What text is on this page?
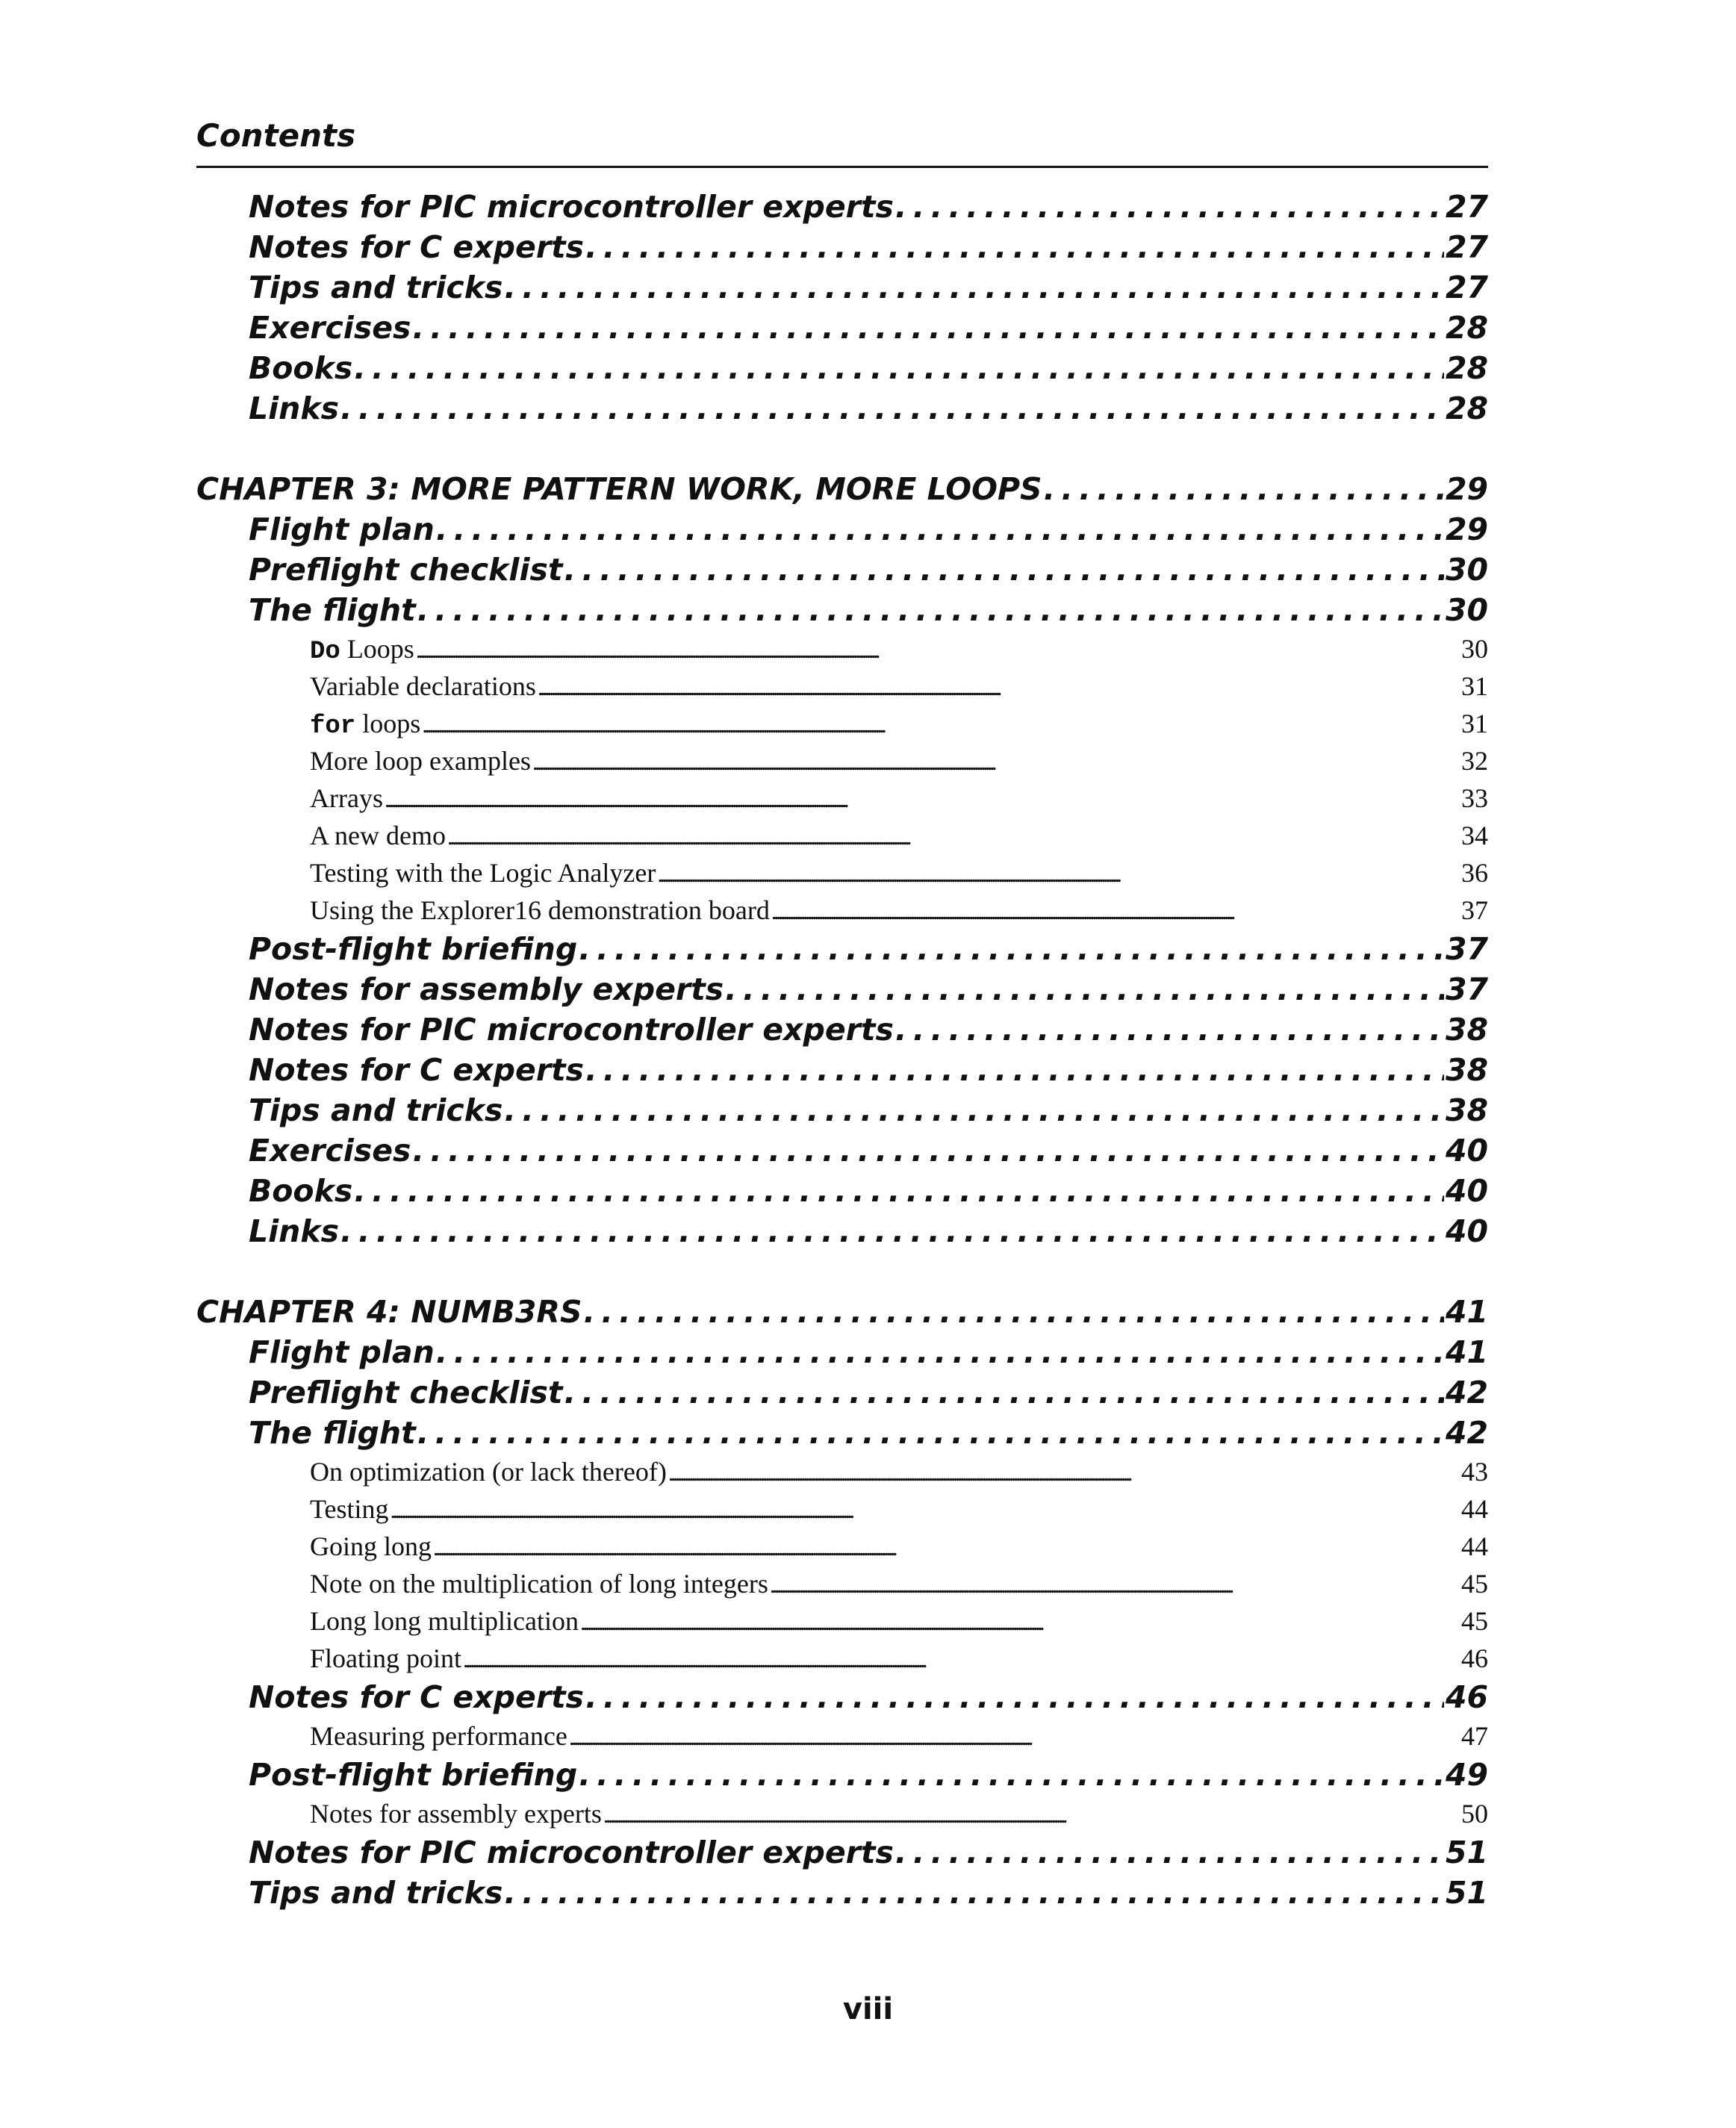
Contents
Notes for PIC microcontroller experts . . .	27
Notes for C experts . . .	27
Tips and tricks . . .	27
Exercises . . .	28
Books . . .	28
Links . . .	28
CHAPTER 3: MORE PATTERN WORK, MORE LOOPS . . .	29
Flight plan . . .	29
Preflight checklist . . .	30
The flight . . .	30
Do Loops . . .	30
Variable declarations . . .	31
for loops . . .	31
More loop examples . . .	32
Arrays . . .	33
A new demo . . .	34
Testing with the Logic Analyzer . . .	36
Using the Explorer16 demonstration board . . .	37
Post-flight briefing . . .	37
Notes for assembly experts . . .	37
Notes for PIC microcontroller experts . . .	38
Notes for C experts . . .	38
Tips and tricks . . .	38
Exercises . . .	40
Books . . .	40
Links . . .	40
CHAPTER 4: NUMB3RS . . .	41
Flight plan . . .	41
Preflight checklist . . .	42
The flight . . .	42
On optimization (or lack thereof) . . .	43
Testing . . .	44
Going long . . .	44
Note on the multiplication of long integers . . .	45
Long long multiplication . . .	45
Floating point . . .	46
Notes for C experts . . .	46
Measuring performance . . .	47
Post-flight briefing . . .	49
Notes for assembly experts . . .	50
Notes for PIC microcontroller experts . . .	51
Tips and tricks . . .	51
viii
